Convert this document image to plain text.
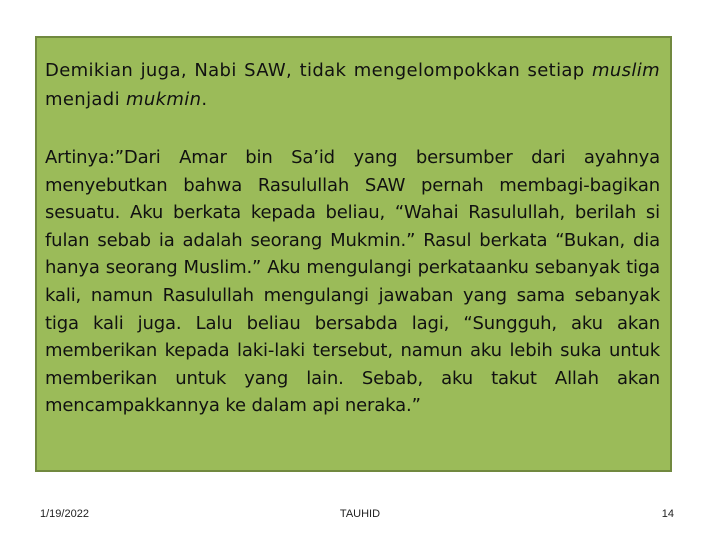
Demikian juga, Nabi SAW, tidak mengelompokkan setiap muslim menjadi mukmin.

Artinya:”Dari Amar bin Sa’id yang bersumber dari ayahnya menyebutkan bahwa Rasulullah SAW pernah membagi-bagikan sesuatu. Aku berkata kepada beliau, “Wahai Rasulullah, berilah si fulan sebab ia adalah seorang Mukmin.” Rasul berkata “Bukan, dia hanya seorang Muslim.” Aku mengulangi perkataanku sebanyak tiga kali, namun Rasulullah mengulangi jawaban yang sama sebanyak tiga kali juga. Lalu beliau bersabda lagi, “Sungguh, aku akan memberikan kepada laki-laki tersebut, namun aku lebih suka untuk memberikan untuk yang lain. Sebab, aku takut Allah akan mencampakkannya ke dalam api neraka.”

1/19/2022	TAUHID	14
